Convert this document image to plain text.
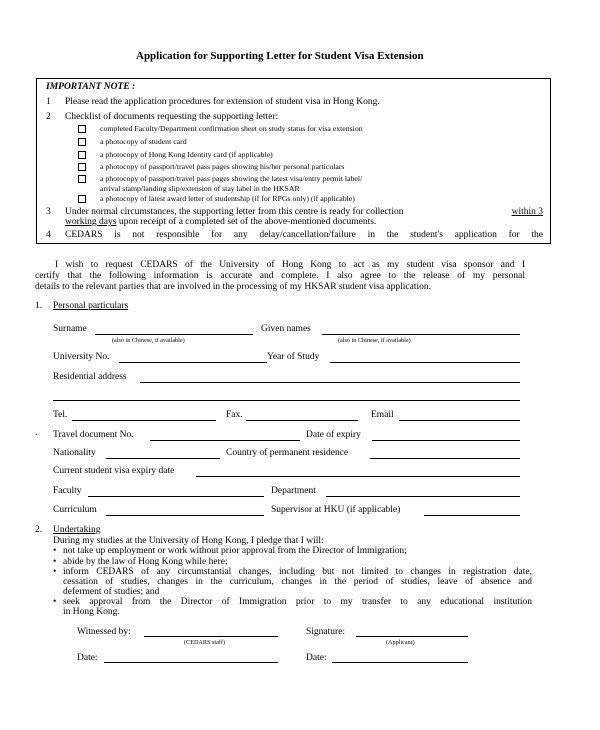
Application for Supporting Letter for Student Visa Extension
IMPORTANT NOTE :
1 Please read the application procedures for extension of student visa in Hong Kong.
2 Checklist of documents requesting the supporting letter:
completed Faculty/Department confirmation sheet on study status for visa extension
a photocopy of student card
a photocopy of Hong Kong Identity card (if applicable)
a photocopy of passport/travel pass pages showing his/her personal particulars
a photocopy of passport/travel pass pages showing the latest visa/entry permit label/
arrival stamp/landing slip/extension of stay label in the HKSAR
a photocopy of latest award letter of studentship (if for RPGs only) (if applicable)
3 Under normal circumstances, the supporting letter from this centre is ready for collection	within 3
working days upon receipt of a completed set of the above-mentioned documents.
4 CEDARS is not responsible for any delay/cancellation/failure in the student's application for the
I wish to request CEDARS of the University of Hong Kong to act as my student visa sponsor and I
certify that the following information is accurate and complete. I also agree to the release of my personal
details to the relevant parties that are involved in the processing of my HKSAR student visa application.
1. Personal particulars
Surname
(also in Chinese, if available)
Given names
(also in Chinese, if available)
University No.	Year of Study
Residential address
Tel.	Fax.	Email
. Travel document No.	Date of expiry
Nationality	Country of permanent residence
Current student visa expiry date
Faculty	Department
Curriculum	Supervisor at HKU (if applicable)
2. Undertaking
During my studies at the University of Hong Kong, I pledge that I will:
• not take up employment or work without prior approval from the Director of Immigration;
• abide by the law of Hong Kong while here;
• inform CEDARS of any circumstantial changes, including but not limited to changes in registration date,
cessation of studies, changes in the curriculum, changes in the period of studies, leave of absence and
deferment of studies; and
• seek approval from the Director of Immigration prior to my transfer to any educational institution
in Hong Kong.
Witnessed by:
(CEDARS staff)
Signature:
(Applicant)
Date:	Date:
